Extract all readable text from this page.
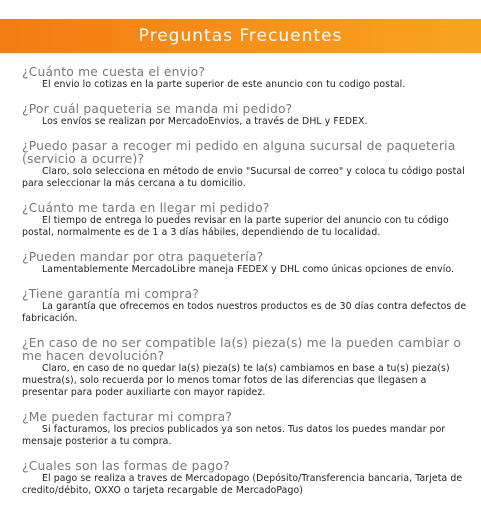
Preguntas Frecuentes
¿Cuánto me cuesta el envio?
El envio lo cotizas en la parte superior de este anuncio con tu codigo postal.
¿Por cuál paqueteria se manda mi pedido?
Los envíos se realizan por MercadoEnvios, a través de DHL y FEDEX.
¿Puedo pasar a recoger mi pedido en alguna sucursal de paqueteria (servicio a ocurre)?
Claro, solo selecciona en método de envio "Sucursal de correo" y coloca tu código postal para seleccionar la más cercana a tu domicilio.
¿Cuánto me tarda en llegar mi pedido?
El tiempo de entrega lo puedes revisar en la parte superior del anuncio con tu código postal, normalmente es de 1 a 3 días hábiles, dependiendo de tu localidad.
¿Pueden mandar por otra paquetería?
Lamentablemente MercadoLibre maneja FEDEX y DHL como únicas opciones de envío.
¿Tiene garantía mi compra?
La garantía que ofrecemos en todos nuestros productos es de 30 días contra defectos de fabricación.
¿En caso de no ser compatible la(s) pieza(s) me la pueden cambiar o me hacen devolución?
Claro, en caso de no quedar la(s) pieza(s) te la(s) cambiamos en base a tu(s) pieza(s) muestra(s), solo recuerda por lo menos tomar fotos de las diferencias que llegasen a presentar para poder auxiliarte con mayor rapidez.
¿Me pueden facturar mi compra?
Si facturamos, los precios publicados ya son netos. Tus datos los puedes mandar por mensaje posterior a tu compra.
¿Cuales son las formas de pago?
El pago se realiza a traves de Mercadopago (Depósito/Transferencia bancaria, Tarjeta de credito/débito, OXXO o tarjeta recargable de MercadoPago)
